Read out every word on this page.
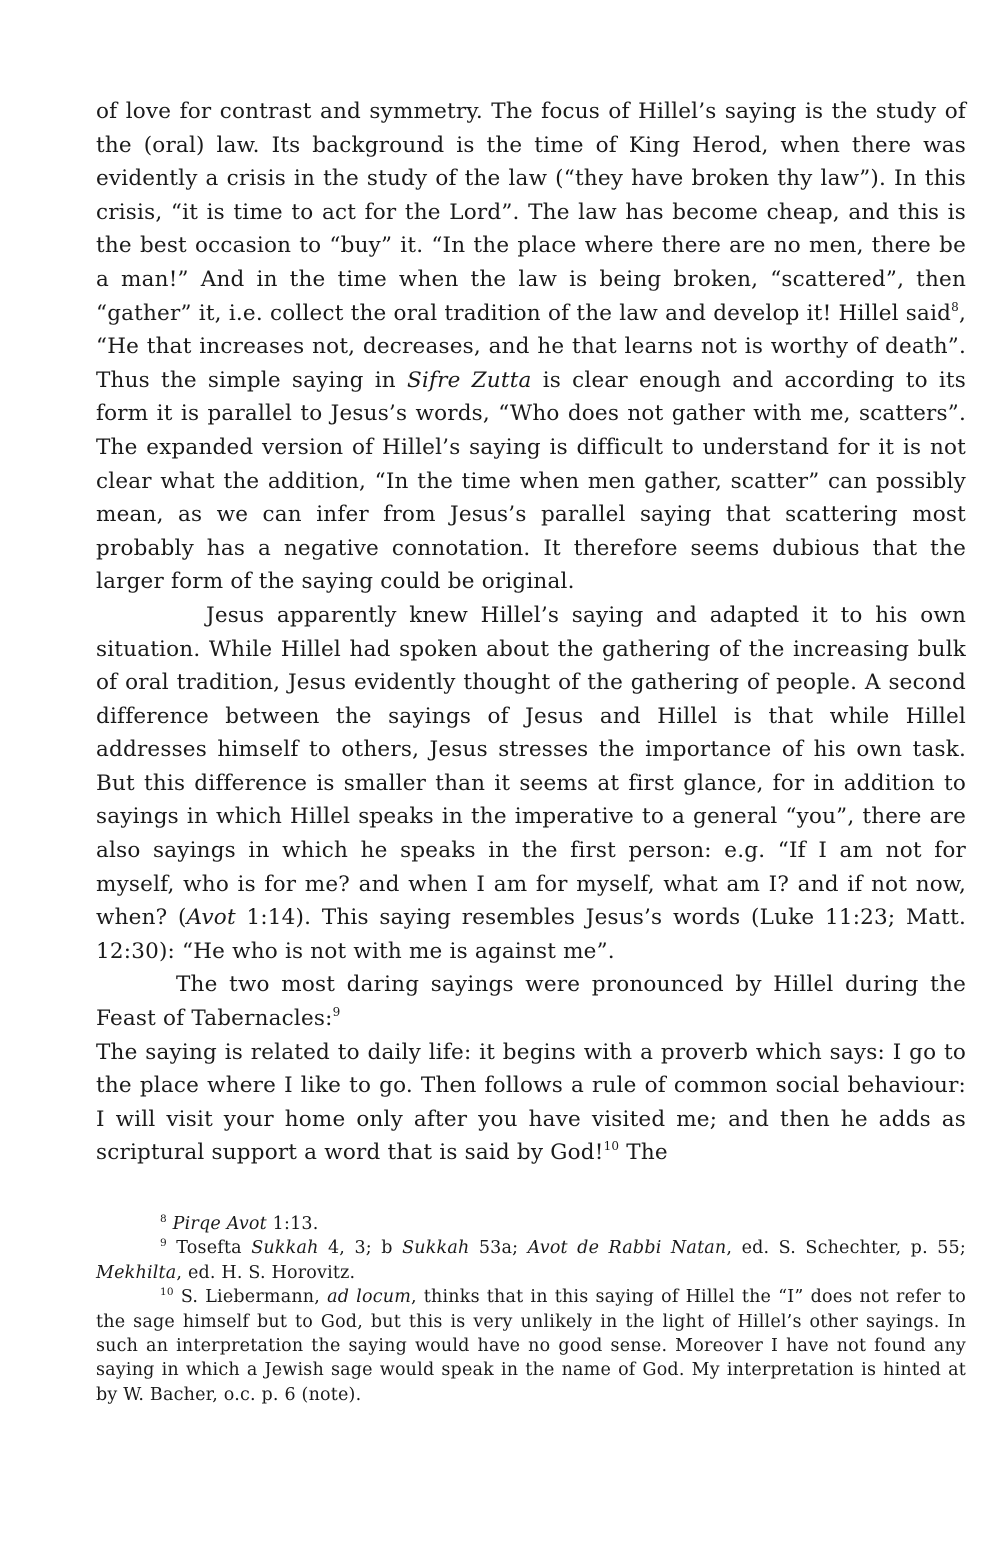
of love for contrast and symmetry. The focus of Hillel’s saying is the study of the (oral) law. Its background is the time of King Herod, when there was evidently a crisis in the study of the law (“they have broken thy law”). In this crisis, “it is time to act for the Lord”. The law has become cheap, and this is the best occasion to “buy” it. “In the place where there are no men, there be a man!” And in the time when the law is being broken, “scattered”, then “gather” it, i.e. collect the oral tradition of the law and develop it! Hillel said$^8$, “He that increases not, decreases, and he that learns not is worthy of death”. Thus the simple saying in Sifre Zutta is clear enough and according to its form it is parallel to Jesus’s words, “Who does not gather with me, scatters”. The expanded version of Hillel’s saying is difficult to understand for it is not clear what the addition, “In the time when men gather, scatter” can possibly mean, as we can infer from Jesus’s parallel saying that scattering most probably has a negative connotation. It therefore seems dubious that the larger form of the saying could be original.

Jesus apparently knew Hillel’s saying and adapted it to his own situation. While Hillel had spoken about the gathering of the increasing bulk of oral tradition, Jesus evidently thought of the gathering of people. A second difference between the sayings of Jesus and Hillel is that while Hillel addresses himself to others, Jesus stresses the importance of his own task. But this difference is smaller than it seems at first glance, for in addition to sayings in which Hillel speaks in the imperative to a general “you”, there are also sayings in which he speaks in the first person: e.g. “If I am not for myself, who is for me? and when I am for myself, what am I? and if not now, when? (Avot 1:14). This saying resembles Jesus’s words (Luke 11:23; Matt. 12:30): “He who is not with me is against me”.

The two most daring sayings were pronounced by Hillel during the Feast of Tabernacles:$^9$

The saying is related to daily life: it begins with a proverb which says: I go to the place where I like to go. Then follows a rule of common social behaviour: I will visit your home only after you have visited me; and then he adds as scriptural support a word that is said by God!$^{10}$ The

$^8$ Pirqe Avot 1:13.

$^9$ Tosefta Sukkah 4, 3; b Sukkah 53a; Avot de Rabbi Natan, ed. S. Schechter, p. 55; Mekhilta, ed. H. S. Horovitz.

$^{10}$ S. Liebermann, ad locum, thinks that in this saying of Hillel the “I” does not refer to the sage himself but to God, but this is very unlikely in the light of Hillel’s other sayings. In such an interpretation the saying would have no good sense. Moreover I have not found any saying in which a Jewish sage would speak in the name of God. My interpretation is hinted at by W. Bacher, o.c. p. 6 (note).
